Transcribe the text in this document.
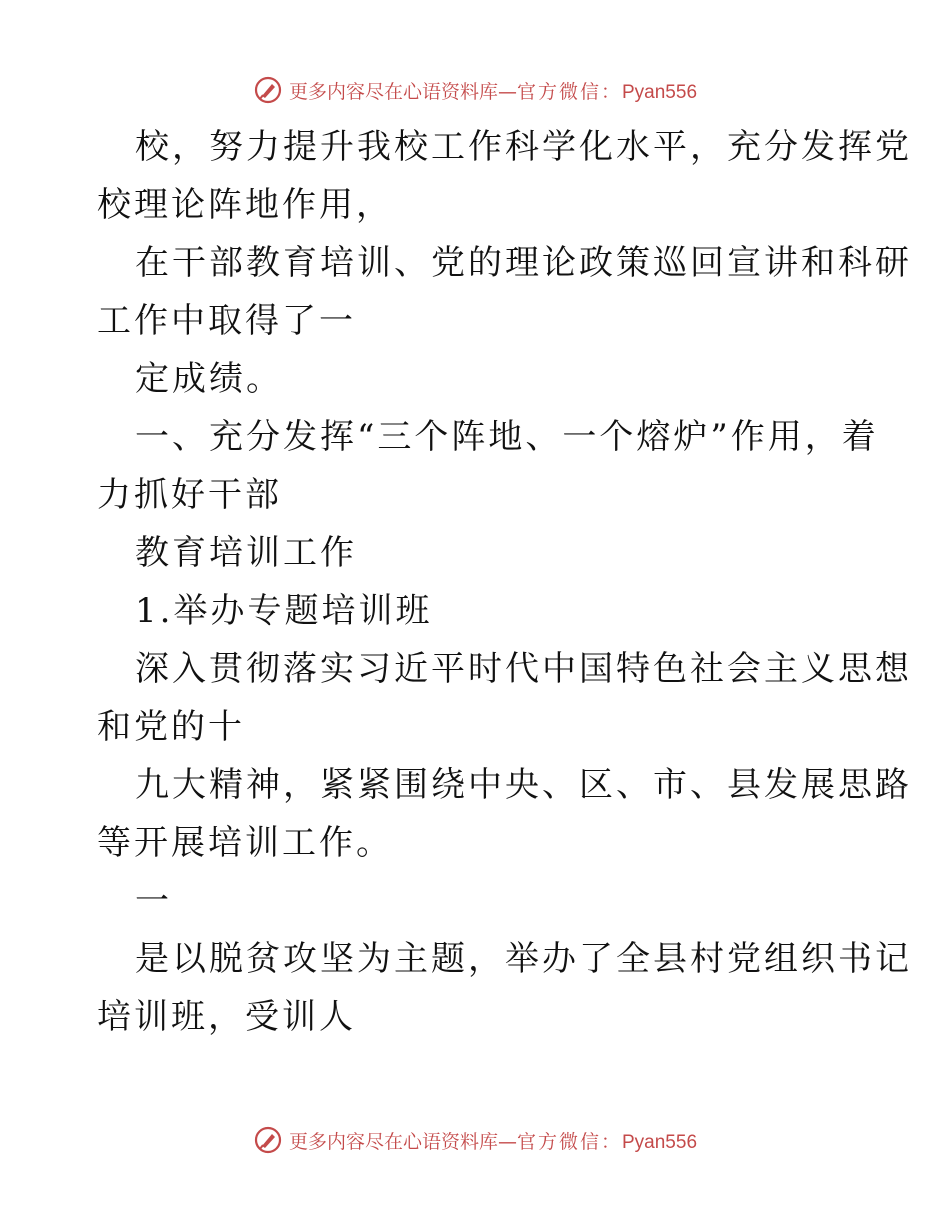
更多内容尽在心语资料库—官方微信：Pyan556

校，努力提升我校工作科学化水平，充分发挥党
校理论阵地作用，

在干部教育培训、党的理论政策巡回宣讲和科研
工作中取得了一

定成绩。

一、充分发挥“三个阵地、一个熔炉”作用，着
力抓好干部

教育培训工作

1.举办专题培训班

深入贯彻落实习近平时代中国特色社会主义思想
和党的十

九大精神，紧紧围绕中央、区、市、县发展思路
等开展培训工作。

一

是以脱贫攻坚为主题，举办了全县村党组织书记
培训班，受训人

更多内容尽在心语资料库—官方微信：Pyan556
